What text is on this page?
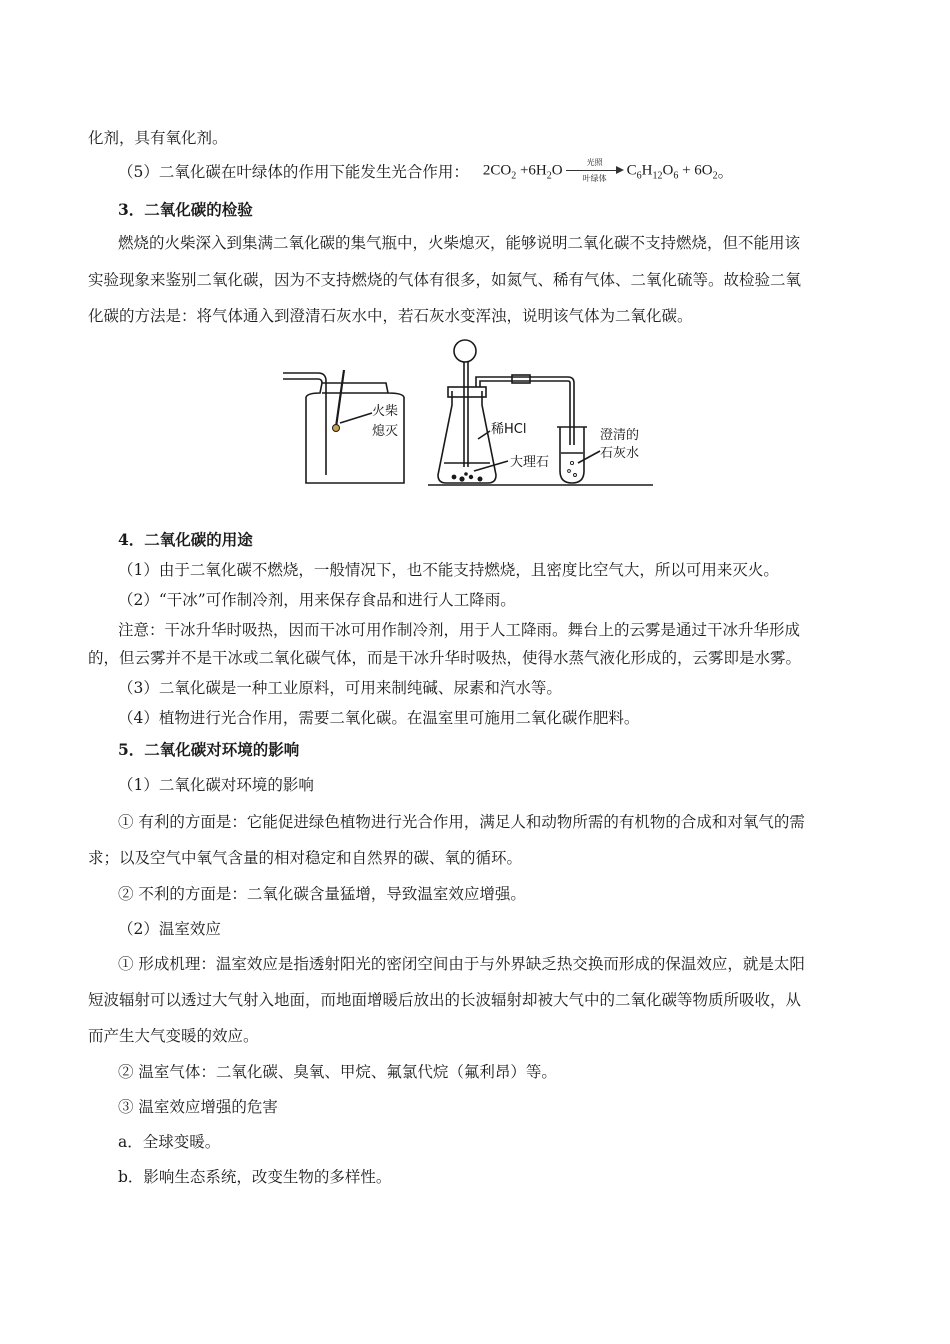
化剂，具有氧化剂。
（5）二氧化碳在叶绿体的作用下能发生光合作用： $2CO_2 +6H_2O$	光照
叶绿体
$C_6H_{12}O_6 + 6O_2$。
3．二氧化碳的检验
燃烧的火柴深入到集满二氧化碳的集气瓶中，火柴熄灭，能够说明二氧化碳不支持燃烧，但不能用该
实验现象来鉴别二氧化碳，因为不支持燃烧的气体有很多，如氮气、稀有气体、二氧化硫等。故检验二氧
化碳的方法是：将气体通入到澄清石灰水中，若石灰水变浑浊，说明该气体为二氧化碳。
火柴
熄灭	稀HCl
大理石
澄清的
石灰水
4．二氧化碳的用途
（1）由于二氧化碳不燃烧，一般情况下，也不能支持燃烧，且密度比空气大，所以可用来灭火。
（2）“干冰”可作制冷剂，用来保存食品和进行人工降雨。
注意：干冰升华时吸热，因而干冰可用作制冷剂，用于人工降雨。舞台上的云雾是通过干冰升华形成
的，但云雾并不是干冰或二氧化碳气体，而是干冰升华时吸热，使得水蒸气液化形成的，云雾即是水雾。
（3）二氧化碳是一种工业原料，可用来制纯碱、尿素和汽水等。
（4）植物进行光合作用，需要二氧化碳。在温室里可施用二氧化碳作肥料。
5．二氧化碳对环境的影响
（1）二氧化碳对环境的影响
① 有利的方面是：它能促进绿色植物进行光合作用，满足人和动物所需的有机物的合成和对氧气的需
求；以及空气中氧气含量的相对稳定和自然界的碳、氧的循环。
② 不利的方面是：二氧化碳含量猛增，导致温室效应增强。
（2）温室效应
① 形成机理：温室效应是指透射阳光的密闭空间由于与外界缺乏热交换而形成的保温效应，就是太阳
短波辐射可以透过大气射入地面，而地面增暖后放出的长波辐射却被大气中的二氧化碳等物质所吸收，从
而产生大气变暖的效应。
② 温室气体：二氧化碳、臭氧、甲烷、氟氯代烷（氟利昂）等。
③ 温室效应增强的危害
a．全球变暖。
b．影响生态系统，改变生物的多样性。
